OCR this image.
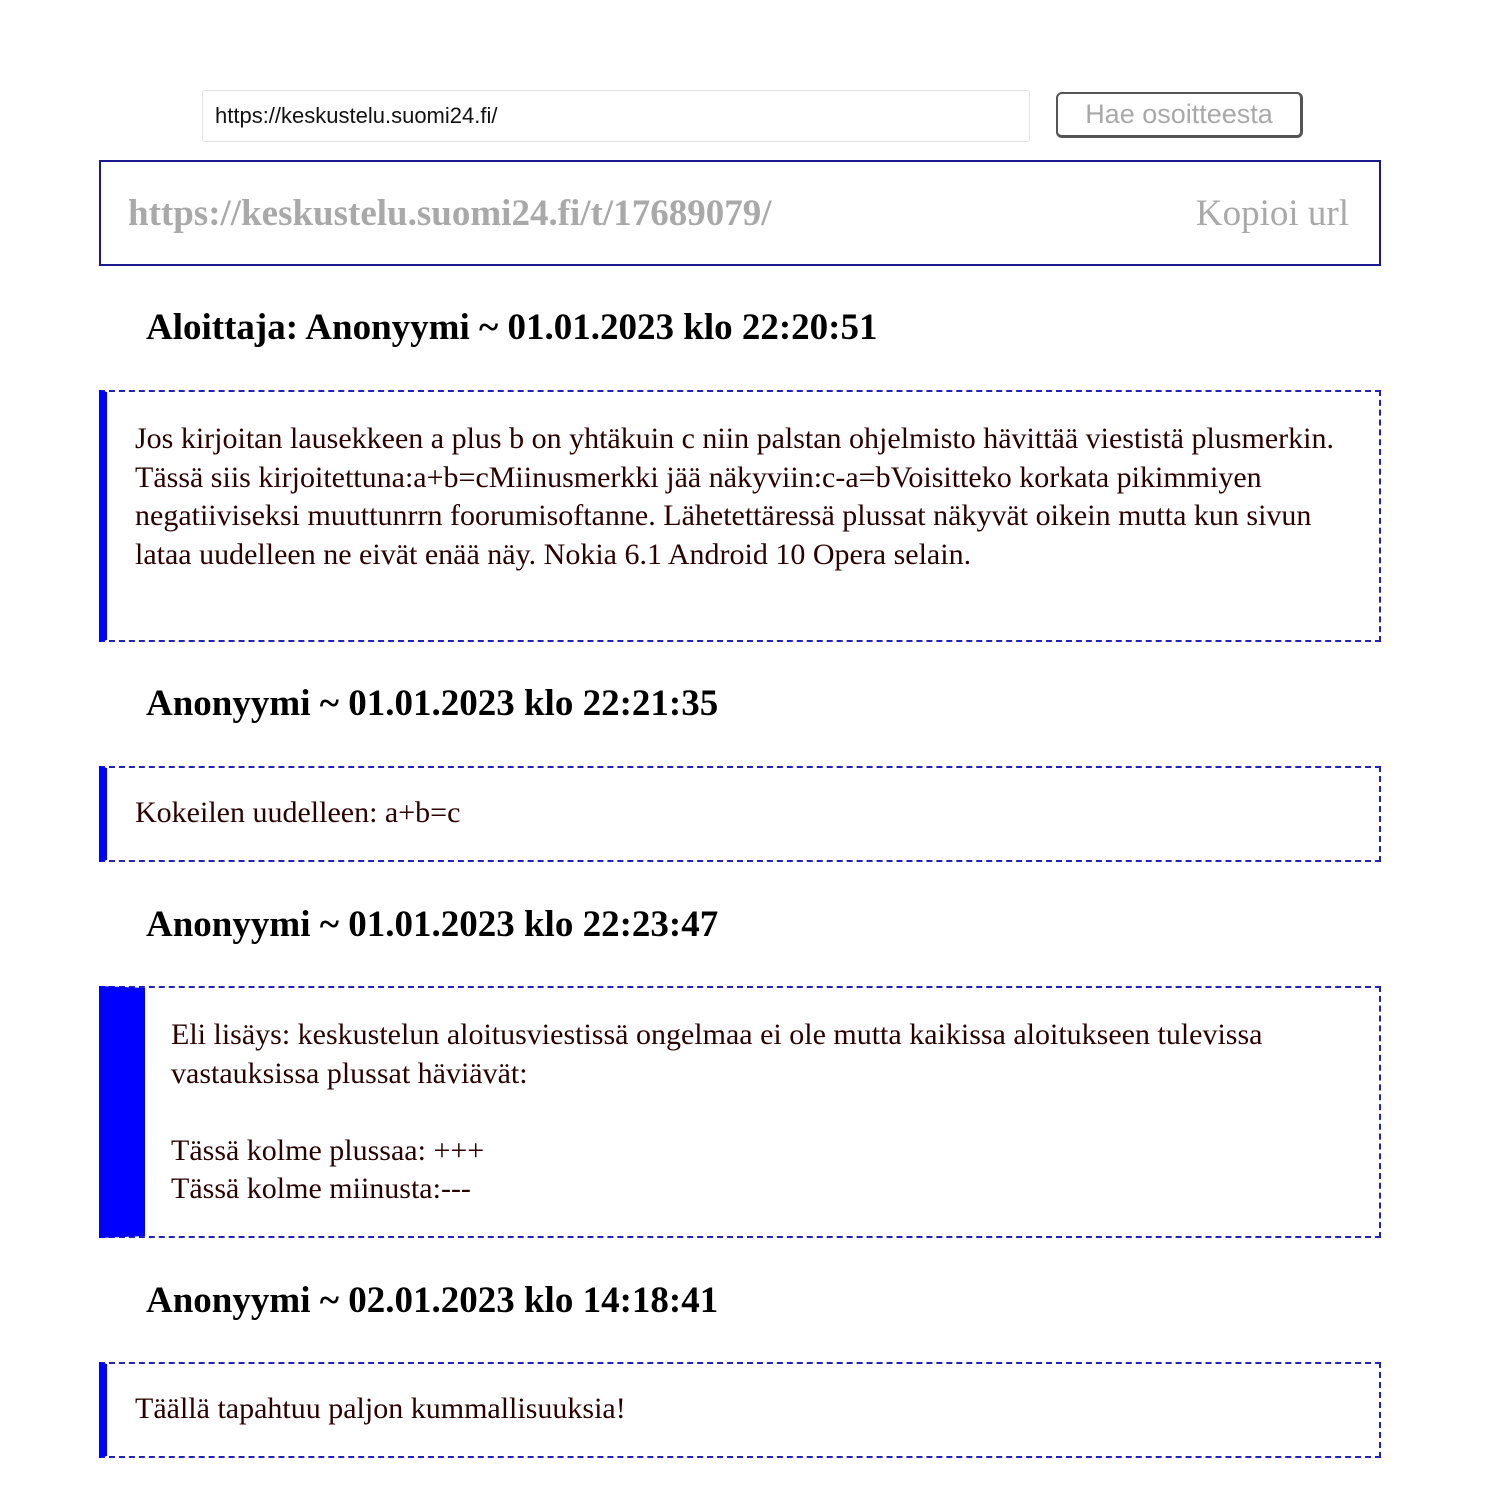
https://keskustelu.suomi24.fi/
Hae osoitteesta
https://keskustelu.suomi24.fi/t/17689079/	Kopioi url
Aloittaja: Anonyymi ~ 01.01.2023 klo 22:20:51
Jos kirjoitan lausekkeen a plus b on yhtäkuin c niin palstan ohjelmisto hävittää viestistä plusmerkin. Tässä siis kirjoitettuna:a+b=cMiinusmerkki jää näkyviin:c-a=bVoisitteko korkata pikimmiyen negatiiviseksi muuttunrrn foorumisoftanne. Lähetettäressä plussat näkyvät oikein mutta kun sivun lataa uudelleen ne eivät enää näy. Nokia 6.1 Android 10 Opera selain.
Anonyymi ~ 01.01.2023 klo 22:21:35
Kokeilen uudelleen: a+b=c
Anonyymi ~ 01.01.2023 klo 22:23:47
Eli lisäys: keskustelun aloitusviestissä ongelmaa ei ole mutta kaikissa aloitukseen tulevissa vastauksissa plussat häviävät:

Tässä kolme plussaa: +++
Tässä kolme miinusta:---
Anonyymi ~ 02.01.2023 klo 14:18:41
Täällä tapahtuu paljon kummallisuuksia!
